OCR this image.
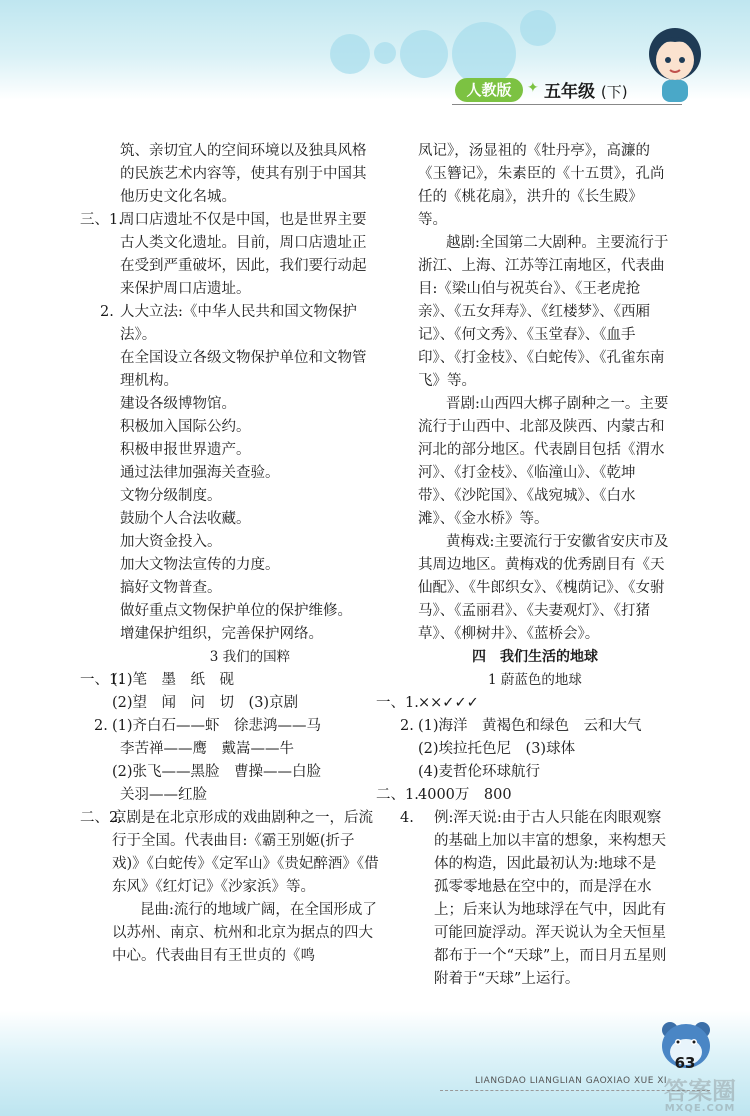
人教版	✦ 五年级 (下)
筑、亲切宜人的空间环境以及独具风格的民族艺术内容等，使其有别于中国其他历史文化名城。
三、1.
周口店遗址不仅是中国，也是世界主要古人类文化遗址。目前，周口店遗址正在受到严重破坏，因此，我们要行动起来保护周口店遗址。
2. 人大立法:《中华人民共和国文物保护法》。
在全国设立各级文物保护单位和文物管理机构。
建设各级博物馆。
积极加入国际公约。
积极申报世界遗产。
通过法律加强海关查验。
文物分级制度。
鼓励个人合法收藏。
加大资金投入。
加大文物法宣传的力度。
搞好文物普查。
做好重点文物保护单位的保护维修。
增建保护组织，完善保护网络。
3 我们的国粹
一、1.
(1)笔　墨　纸　砚
(2)望　闻　问　切　(3)京剧
2. (1)齐白石——虾　徐悲鸿——马
李苦禅——鹰　戴嵩——牛
(2)张飞——黑脸　曹操——白脸
关羽——红脸
二、2.
京剧是在北京形成的戏曲剧种之一，后流行于全国。代表曲目:《霸王别姬(折子戏)》《白蛇传》《定军山》《贵妃醉酒》《借东风》《红灯记》《沙家浜》等。
昆曲:流行的地域广阔，在全国形成了以苏州、南京、杭州和北京为据点的四大中心。代表曲目有王世贞的《鸣
凤记》，汤显祖的《牡丹亭》，高濂的《玉簪记》，朱素臣的《十五贯》，孔尚任的《桃花扇》，洪升的《长生殿》等。
越剧:全国第二大剧种。主要流行于浙江、上海、江苏等江南地区，代表曲目:《梁山伯与祝英台》、《王老虎抢亲》、《五女拜寿》、《红楼梦》、《西厢记》、《何文秀》、《玉堂春》、《血手印》、《打金枝》、《白蛇传》、《孔雀东南飞》等。
晋剧:山西四大梆子剧种之一。主要流行于山西中、北部及陕西、内蒙古和河北的部分地区。代表剧目包括《渭水河》、《打金枝》、《临潼山》、《乾坤带》、《沙陀国》、《战宛城》、《白水滩》、《金水桥》等。
黄梅戏:主要流行于安徽省安庆市及其周边地区。黄梅戏的优秀剧目有《天仙配》、《牛郎织女》、《槐荫记》、《女驸马》、《孟丽君》、《夫妻观灯》、《打猪草》、《柳树井》、《蓝桥会》。
四　我们生活的地球
1 蔚蓝色的地球
一、1. ××✓✓✓
2. (1)海洋　黄褐色和绿色　云和大气
(2)埃拉托色尼　(3)球体
(4)麦哲伦环球航行
二、1. 4000万　800
4. 例:浑天说:由于古人只能在肉眼观察的基础上加以丰富的想象，来构想天体的构造，因此最初认为:地球不是孤零零地悬在空中的，而是浮在水上；后来认为地球浮在气中，因此有可能回旋浮动。浑天说认为全天恒星都布于一个“天球”上，而日月五星则附着于“天球”上运行。
LIANGDAO LIANGLIAN GAOXIAO XUE XI
63
答案圈
MXQE.COM
